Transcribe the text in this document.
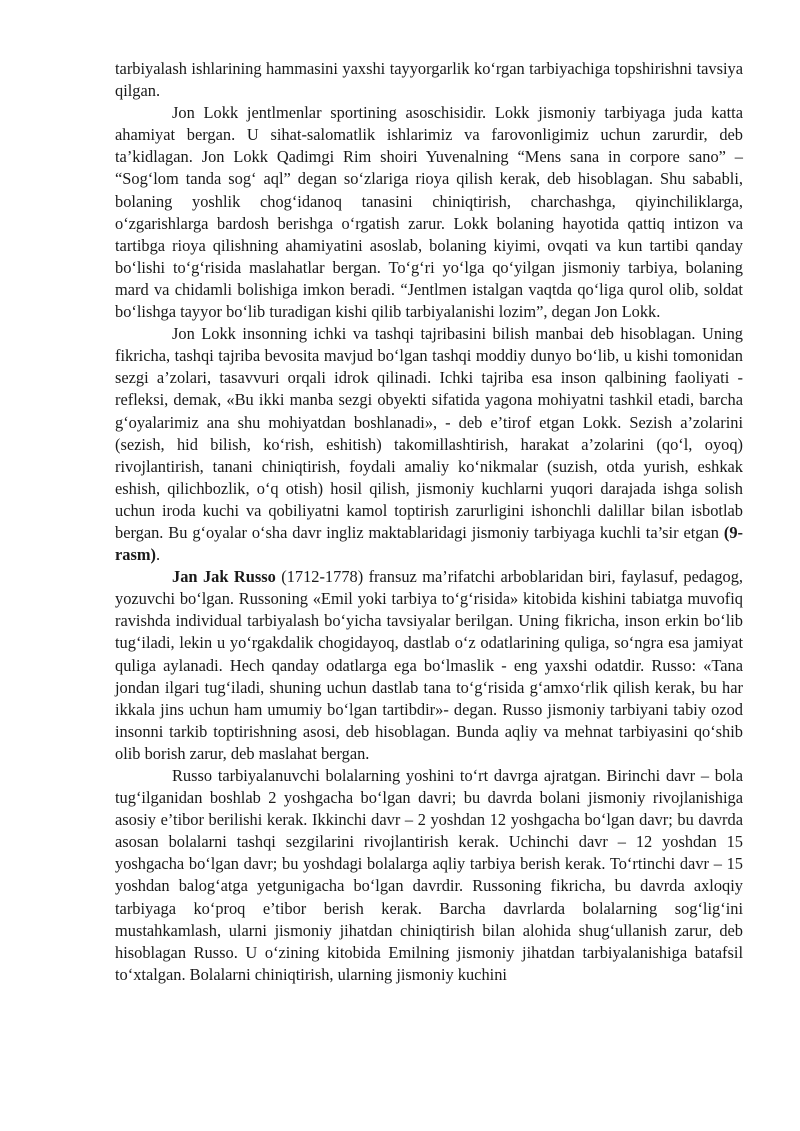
tarbiyalash ishlarining hammasini yaxshi tayyorgarlik ko‘rgan tarbiyachiga topshirishni tavsiya qilgan.

Jon Lokk jentlmenlar sportining asoschisidir. Lokk jismoniy tarbiyaga juda katta ahamiyat bergan. U sihat-salomatlik ishlarimiz va farovonligimiz uchun zarurdir, deb ta’kidlagan. Jon Lokk Qadimgi Rim shoiri Yuvenalning “Mens sana in corpore sano” – “Sog‘lom tanda sog‘ aql” degan so‘zlariga rioya qilish kerak, deb hisoblagan. Shu sababli, bolaning yoshlik chog‘idanoq tanasini chiniqtirish, charchashga, qiyinchiliklarga, o‘zgarishlarga bardosh berishga o‘rgatish zarur. Lokk bolaning hayotida qattiq intizon va tartibga rioya qilishning ahamiyatini asoslab, bolaning kiyimi, ovqati va kun tartibi qanday bo‘lishi to‘g‘risida maslahatlar bergan. To‘g‘ri yo‘lga qo‘yilgan jismoniy tarbiya, bolaning mard va chidamli bolishiga imkon beradi. “Jentlmen istalgan vaqtda qo‘liga qurol olib, soldat bo‘lishga tayyor bo‘lib turadigan kishi qilib tarbiyalanishi lozim”, degan Jon Lokk.

Jon Lokk insonning ichki va tashqi tajribasini bilish manbai deb hisoblagan. Uning fikricha, tashqi tajriba bevosita mavjud bo‘lgan tashqi moddiy dunyo bo‘lib, u kishi tomonidan sezgi a’zolari, tasavvuri orqali idrok qilinadi. Ichki tajriba esa inson qalbining faoliyati - refleksi, demak, «Bu ikki manba sezgi obyekti sifatida yagona mohiyatni tashkil etadi, barcha g‘oyalarimiz ana shu mohiyatdan boshlanadi», - deb e’tirof etgan Lokk. Sezish a’zolarini (sezish, hid bilish, ko‘rish, eshitish) takomillashtirish, harakat a’zolarini (qo‘l, oyoq) rivojlantirish, tanani chiniqtirish, foydali amaliy ko‘nikmalar (suzish, otda yurish, eshkak eshish, qilichbozlik, o‘q otish) hosil qilish, jismoniy kuchlarni yuqori darajada ishga solish uchun iroda kuchi va qobiliyatni kamol toptirish zarurligini ishonchli dalillar bilan isbotlab bergan. Bu g‘oyalar o‘sha davr ingliz maktablaridagi jismoniy tarbiyaga kuchli ta’sir etgan (9-rasm).

Jan Jak Russo (1712-1778) fransuz ma’rifatchi arboblaridan biri, faylasuf, pedagog, yozuvchi bo‘lgan. Russoning «Emil yoki tarbiya to‘g‘risida» kitobida kishini tabiatga muvofiq ravishda individual tarbiyalash bo‘yicha tavsiyalar berilgan. Uning fikricha, inson erkin bo‘lib tug‘iladi, lekin u yo‘rgakdalik chogidayoq, dastlab o‘z odatlarining quliga, so‘ngra esa jamiyat quliga aylanadi. Hech qanday odatlarga ega bo‘lmaslik - eng yaxshi odatdir. Russo: «Tana jondan ilgari tug‘iladi, shuning uchun dastlab tana to‘g‘risida g‘amxo‘rlik qilish kerak, bu har ikkala jins uchun ham umumiy bo‘lgan tartibdir»- degan. Russo jismoniy tarbiyani tabiy ozod insonni tarkib toptirishning asosi, deb hisoblagan. Bunda aqliy va mehnat tarbiyasini qo‘shib olib borish zarur, deb maslahat bergan.

Russo tarbiyalanuvchi bolalarning yoshini to‘rt davrga ajratgan. Birinchi davr – bola tug‘ilganidan boshlab 2 yoshgacha bo‘lgan davri; bu davrda bolani jismoniy rivojlanishiga asosiy e’tibor berilishi kerak. Ikkinchi davr – 2 yoshdan 12 yoshgacha bo‘lgan davr; bu davrda asosan bolalarni tashqi sezgilarini rivojlantirish kerak. Uchinchi davr – 12 yoshdan 15 yoshgacha bo‘lgan davr; bu yoshdagi bolalarga aqliy tarbiya berish kerak. To‘rtinchi davr – 15 yoshdan balog‘atga yetgunigacha bo‘lgan davrdir. Russoning fikricha, bu davrda axloqiy tarbiyaga ko‘proq e’tibor berish kerak. Barcha davrlarda bolalarning sog‘lig‘ini mustahkamlash, ularni jismoniy jihatdan chiniqtirish bilan alohida shug‘ullanish zarur, deb hisoblagan Russo. U o‘zining kitobida Emilning jismoniy jihatdan tarbiyalanishiga batafsil to‘xtalgan. Bolalarni chiniqtirish, ularning jismoniy kuchini
